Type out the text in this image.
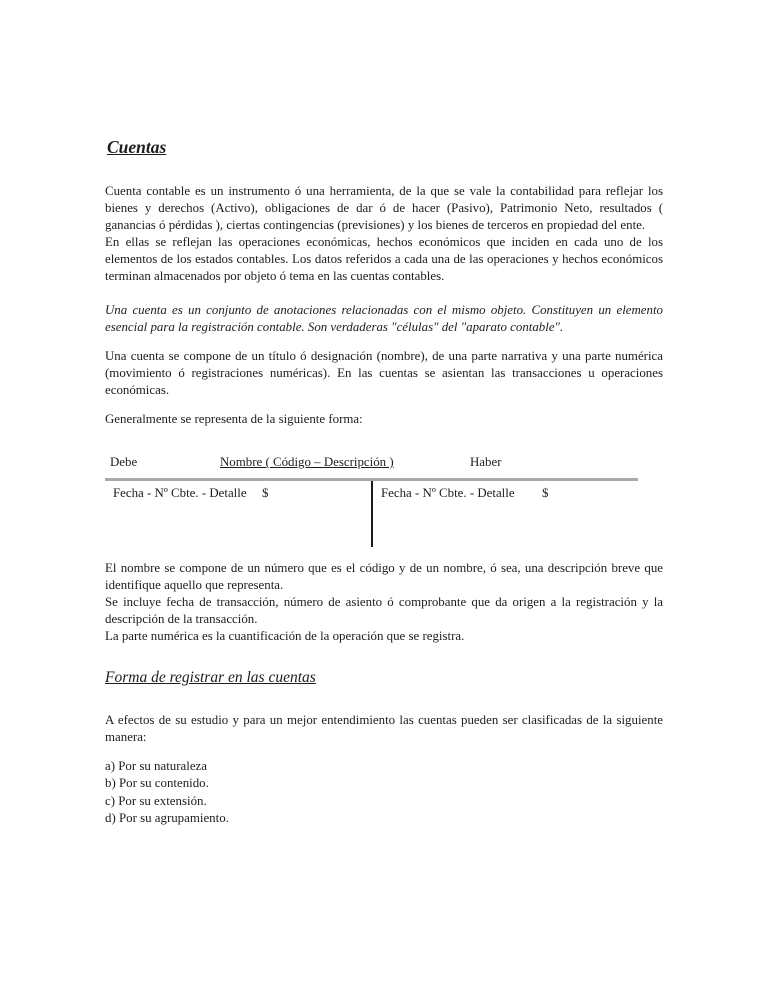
Cuentas

Cuenta contable es un instrumento ó una herramienta, de la que se vale la contabilidad para reflejar los bienes y derechos (Activo), obligaciones de dar ó de hacer (Pasivo), Patrimonio Neto, resultados ( ganancias ó pérdidas ), ciertas contingencias (previsiones) y los bienes de terceros en propiedad del ente.

En ellas se reflejan las operaciones económicas, hechos económicos que inciden en cada uno de los elementos de los estados contables. Los datos referidos a cada una de las operaciones y hechos económicos terminan almacenados por objeto ó tema en las cuentas contables.

Una cuenta es un conjunto de anotaciones relacionadas con el mismo objeto. Constituyen un elemento esencial para la registración contable. Son verdaderas "células" del "aparato contable".

Una cuenta se compone de un título ó designación (nombre), de una parte narrativa y una parte numérica (movimiento ó registraciones numéricas). En las cuentas se asientan las transacciones u operaciones económicas.

Generalmente se representa de la siguiente forma:

Debe	Nombre ( Código – Descripción )	Haber
Fecha - Nº Cbte. - Detalle $	Fecha - Nº Cbte. - Detalle $

El nombre se compone de un número que es el código y de un nombre, ó sea, una descripción breve que identifique aquello que representa.

Se incluye fecha de transacción, número de asiento ó comprobante que da origen a la registración y la descripción de la transacción.

La parte numérica es la cuantificación de la operación que se registra.

Forma de registrar en las cuentas

A efectos de su estudio y para un mejor entendimiento las cuentas pueden ser clasificadas de la siguiente manera:

a) Por su naturaleza
b) Por su contenido.
c) Por su extensión.
d) Por su agrupamiento.
